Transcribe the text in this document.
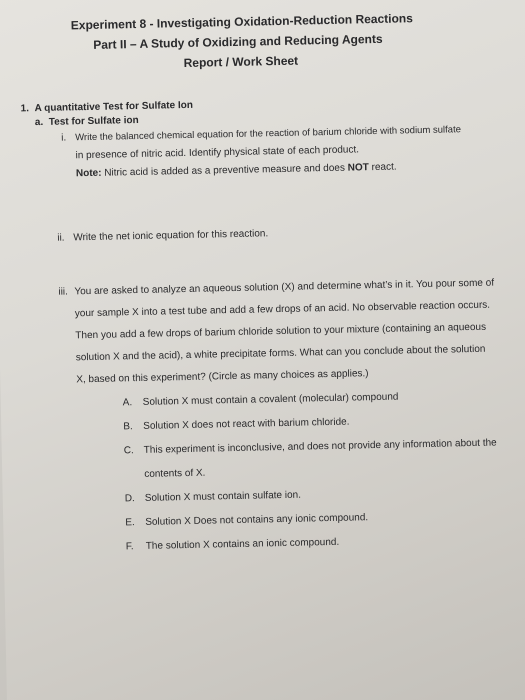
Experiment 8 - Investigating Oxidation-Reduction Reactions
Part II – A Study of Oxidizing and Reducing Agents
Report / Work Sheet
1. A quantitative Test for Sulfate Ion
a. Test for Sulfate ion
i. Write the balanced chemical equation for the reaction of barium chloride with sodium sulfate
in presence of nitric acid. Identify physical state of each product.
Note: Nitric acid is added as a preventive measure and does NOT react.
ii. Write the net ionic equation for this reaction.
iii. You are asked to analyze an aqueous solution (X) and determine what’s in it. You pour some of
your sample X into a test tube and add a few drops of an acid. No observable reaction occurs.
Then you add a few drops of barium chloride solution to your mixture (containing an aqueous
solution X and the acid), a white precipitate forms. What can you conclude about the solution
X, based on this experiment? (Circle as many choices as applies.)
A. Solution X must contain a covalent (molecular) compound
B. Solution X does not react with barium chloride.
C. This experiment is inconclusive, and does not provide any information about the
contents of X.
D. Solution X must contain sulfate ion.
E. Solution X Does not contains any ionic compound.
F. The solution X contains an ionic compound.
